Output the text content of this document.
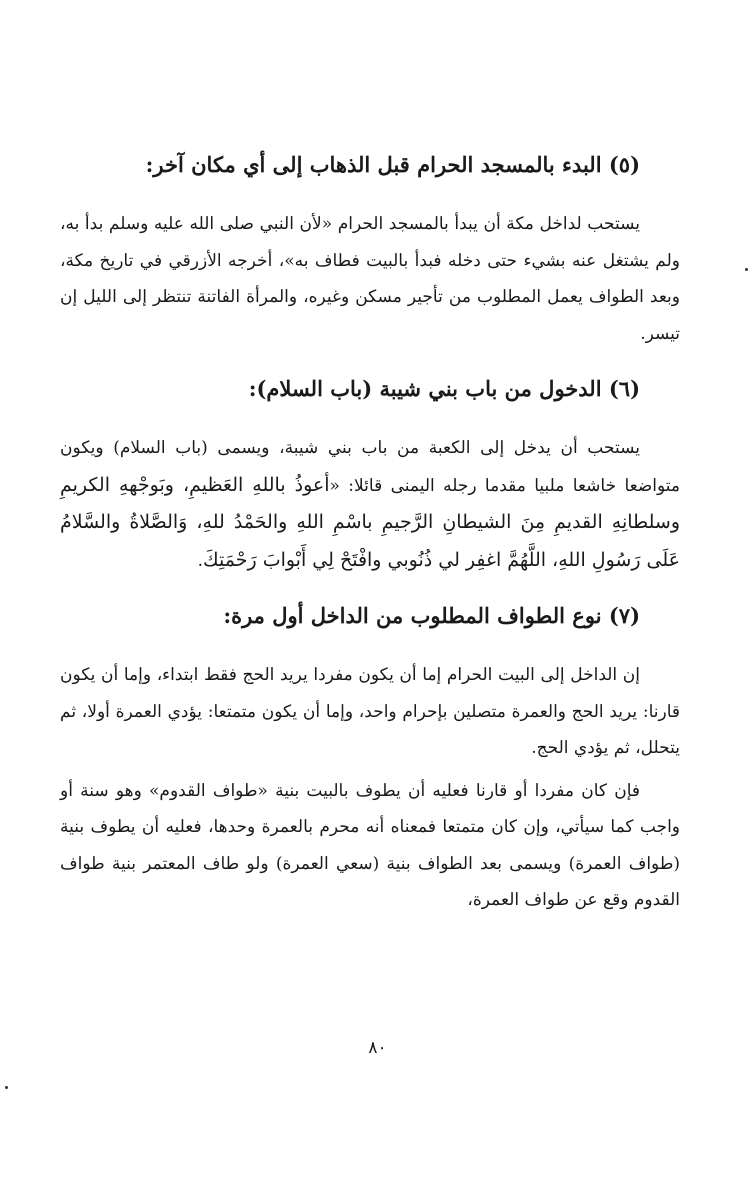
(٥) البدء بالمسجد الحرام قبل الذهاب إلى أي مكان آخر:

يستحب لداخل مكة أن يبدأ بالمسجد الحرام «لأن النبي صلى الله عليه وسلم بدأ به، ولم يشتغل عنه بشيء حتى دخله فبدأ بالبيت فطاف به»، أخرجه الأزرقي في تاريخ مكة، وبعد الطواف يعمل المطلوب من تأجير مسكن وغيره، والمرأة الفاتنة تنتظر إلى الليل إن تيسر.

(٦) الدخول من باب بني شيبة (باب السلام):

يستحب أن يدخل إلى الكعبة من باب بني شيبة، ويسمى (باب السلام) ويكون متواضعا خاشعا ملبيا مقدما رجله اليمنى قائلا: «أعوذُ باللهِ العَظيمِ، وبَوجْههِ الكريمِ وسلطانِهِ القديمِ مِنَ الشيطانِ الرَّجيمِ باسْمِ اللهِ والحَمْدُ للهِ، وَالصَّلاةُ والسَّلامُ عَلَى رَسُولِ اللهِ، اللَّهُمَّ اغفِر لي ذُنُوبي وافْتَحْ لِي أَبْوابَ رَحْمَتِكَ.

(٧) نوع الطواف المطلوب من الداخل أول مرة:

إن الداخل إلى البيت الحرام إما أن يكون مفردا يريد الحج فقط ابتداء، وإما أن يكون قارنا: يريد الحج والعمرة متصلين بإحرام واحد، وإما أن يكون متمتعا: يؤدي العمرة أولا، ثم يتحلل، ثم يؤدي الحج.

فإن كان مفردا أو قارنا فعليه أن يطوف بالبيت بنية «طواف القدوم» وهو سنة أو واجب كما سيأتي، وإن كان متمتعا فمعناه أنه محرم بالعمرة وحدها، فعليه أن يطوف بنية (طواف العمرة) ويسمى بعد الطواف بنية (سعي العمرة) ولو طاف المعتمر بنية طواف القدوم وقع عن طواف العمرة،

٨٠
